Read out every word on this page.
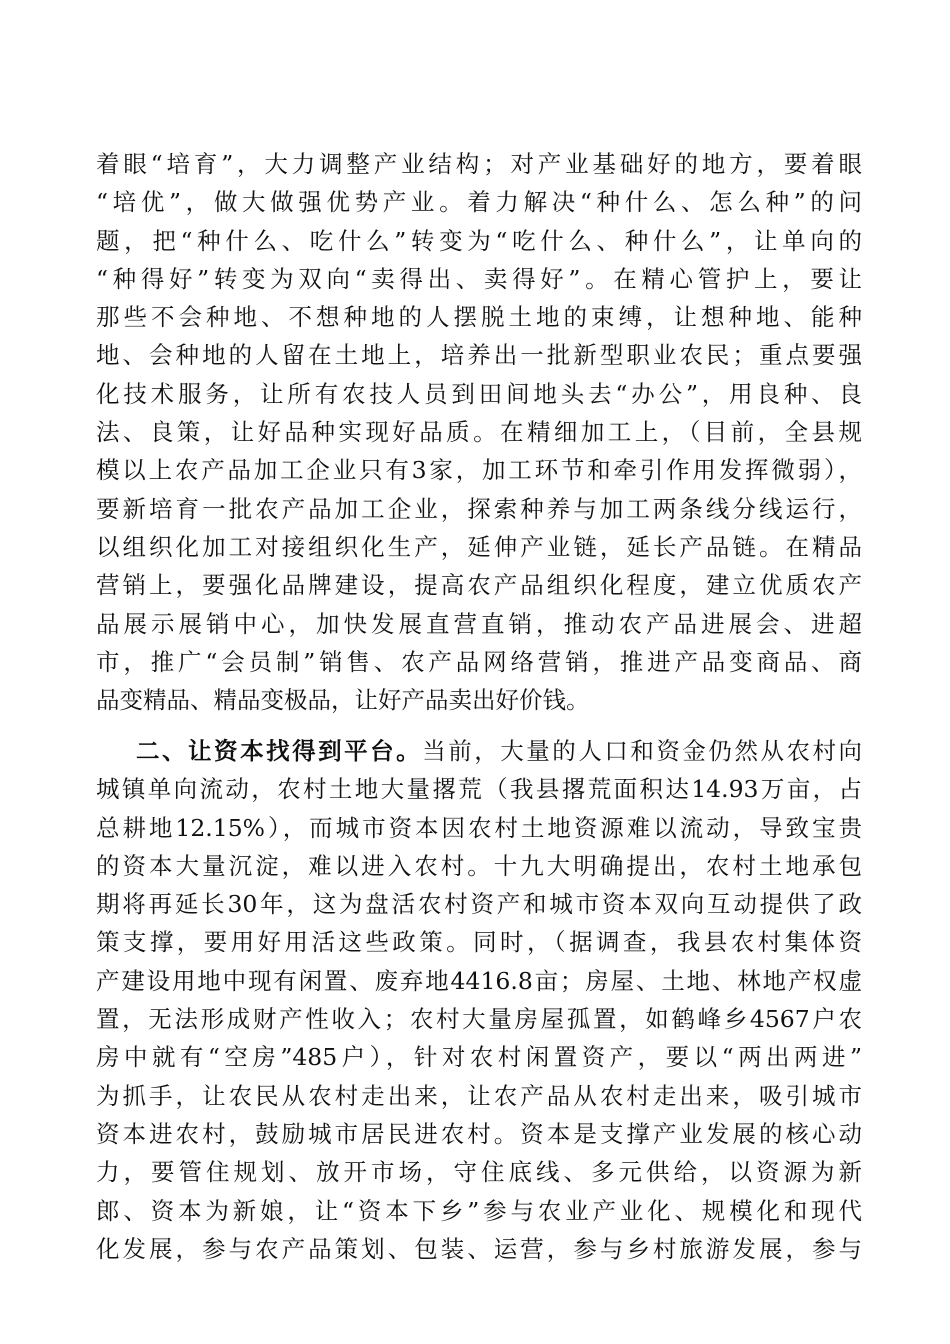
着眼“培育”，大力调整产业结构；对产业基础好的地方，要着眼
“培优”，做大做强优势产业。着力解决“种什么、怎么种”的问
题，把“种什么、吃什么”转变为“吃什么、种什么”，让单向的
“种得好”转变为双向“卖得出、卖得好”。在精心管护上，要让
那些不会种地、不想种地的人摆脱土地的束缚，让想种地、能种
地、会种地的人留在土地上，培养出一批新型职业农民；重点要强
化技术服务，让所有农技人员到田间地头去“办公”，用良种、良
法、良策，让好品种实现好品质。在精细加工上，（目前，全县规
模以上农产品加工企业只有3家，加工环节和牵引作用发挥微弱），
要新培育一批农产品加工企业，探索种养与加工两条线分线运行，
以组织化加工对接组织化生产，延伸产业链，延长产品链。在精品
营销上，要强化品牌建设，提高农产品组织化程度，建立优质农产
品展示展销中心，加快发展直营直销，推动农产品进展会、进超
市，推广“会员制”销售、农产品网络营销，推进产品变商品、商
品变精品、精品变极品，让好产品卖出好价钱。
二、让资本找得到平台。当前，大量的人口和资金仍然从农村向
城镇单向流动，农村土地大量撂荒（我县撂荒面积达14.93万亩，占
总耕地12.15%），而城市资本因农村土地资源难以流动，导致宝贵
的资本大量沉淀，难以进入农村。十九大明确提出，农村土地承包
期将再延长30年，这为盘活农村资产和城市资本双向互动提供了政
策支撑，要用好用活这些政策。同时，（据调查，我县农村集体资
产建设用地中现有闲置、废弃地4416.8亩；房屋、土地、林地产权虚
置，无法形成财产性收入；农村大量房屋孤置，如鹤峰乡4567户农
房中就有“空房”485户），针对农村闲置资产，要以“两出两进”
为抓手，让农民从农村走出来，让农产品从农村走出来，吸引城市
资本进农村，鼓励城市居民进农村。资本是支撑产业发展的核心动
力，要管住规划、放开市场，守住底线、多元供给，以资源为新
郎、资本为新娘，让“资本下乡”参与农业产业化、规模化和现代
化发展，参与农产品策划、包装、运营，参与乡村旅游发展，参与
